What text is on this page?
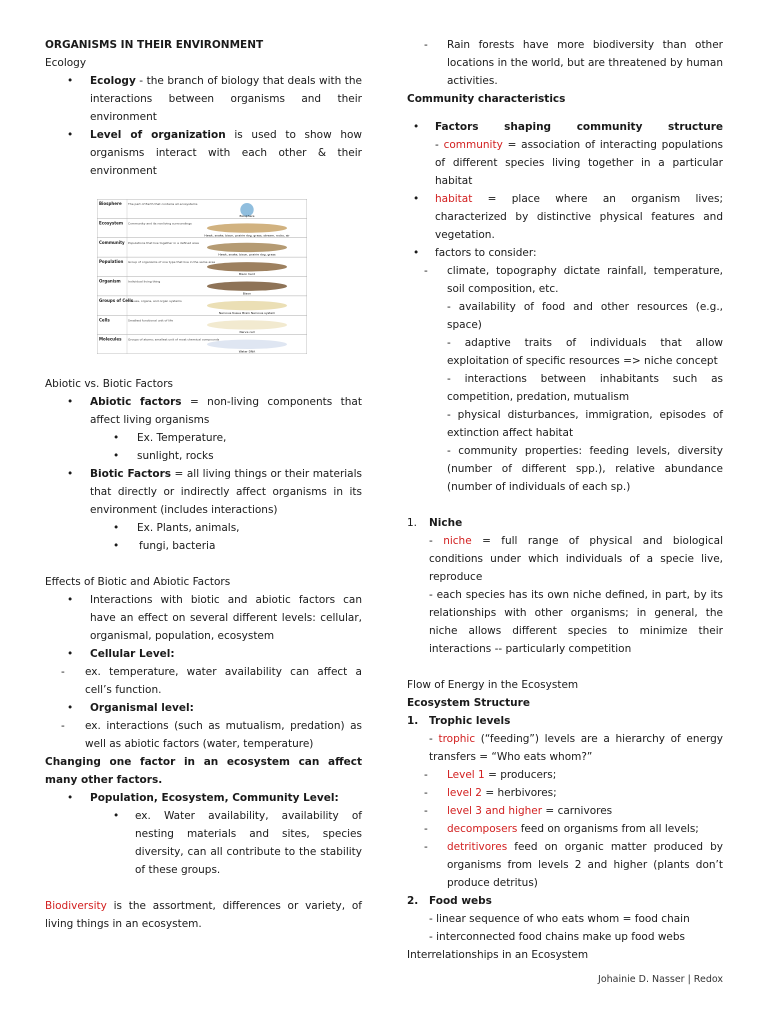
ORGANISMS IN THEIR ENVIRONMENT

Ecology

• Ecology - the branch of biology that deals with the interactions between organisms and their environment

• Level of organization is used to show how organisms interact with each other & their environment

Abiotic vs. Biotic Factors

• Abiotic factors = non-living components that affect living organisms

• Ex. Temperature,
• sunlight, rocks

• Biotic Factors = all living things or their materials that directly or indirectly affect organisms in its environment (includes interactions)

• Ex. Plants, animals,
• fungi, bacteria

Effects of Biotic and Abiotic Factors

• Interactions with biotic and abiotic factors can have an effect on several different levels: cellular, organismal, population, ecosystem

• Cellular Level:

- ex. temperature, water availability can affect a cell’s function.

• Organismal level:

- ex. interactions (such as mutualism, predation) as well as abiotic factors (water, temperature)

Changing one factor in an ecosystem can affect many other factors.

• Population, Ecosystem, Community Level:

• ex. Water availability, availability of nesting materials and sites, species diversity, can all contribute to the stability of these groups.

Biodiversity is the assortment, differences or variety, of living things in an ecosystem.

Biosphere	The part of Earth that contains all ecosystems
Biosphere
Ecosystem Community and its nonliving surroundings
Hawk, snake, bison, prairie dog, grass, stream, rocks, air
Community Populations that live together in a defined area
Hawk, snake, bison, prairie dog, grass
Population Group of organisms of one type that live in the same area
Bison herd
Organism Individual living thing
Bison
Groups of Cells
Tissues, organs, and organ systems
Nervous tissue Brain Nervous system
Cells	Smallest functional unit of life
Nerve cell
Molecules Groups of atoms; smallest unit of most chemical compounds
Water DNA
- Rain forests have more biodiversity than other locations in the world, but are threatened by human activities.

Community characteristics

• Factors shaping community structure

- community = association of interacting populations of different species living together in a particular habitat

• habitat = place where an organism lives; characterized by distinctive physical features and vegetation.

• factors to consider:

- climate, topography dictate rainfall, temperature, soil composition, etc.

- availability of food and other resources (e.g., space)

- adaptive traits of individuals that allow exploitation of specific resources => niche concept

- interactions between inhabitants such as competition, predation, mutualism

- physical disturbances, immigration, episodes of extinction affect habitat

- community properties: feeding levels, diversity (number of different spp.), relative abundance (number of individuals of each sp.)

1. Niche

- niche = full range of physical and biological conditions under which individuals of a specie live, reproduce

- each species has its own niche defined, in part, by its relationships with other organisms; in general, the niche allows different species to minimize their interactions -- particularly competition

Flow of Energy in the Ecosystem

Ecosystem Structure

1. Trophic levels

- trophic (“feeding”) levels are a hierarchy of energy transfers = “Who eats whom?”

- Level 1 = producers;

- level 2 = herbivores;

- level 3 and higher = carnivores

- decomposers feed on organisms from all levels;

- detritivores feed on organic matter produced by organisms from levels 2 and higher (plants don’t produce detritus)

2. Food webs

- linear sequence of who eats whom = food chain

- interconnected food chains make up food webs

Interrelationships in an Ecosystem

Johainie D. Nasser | Redox
